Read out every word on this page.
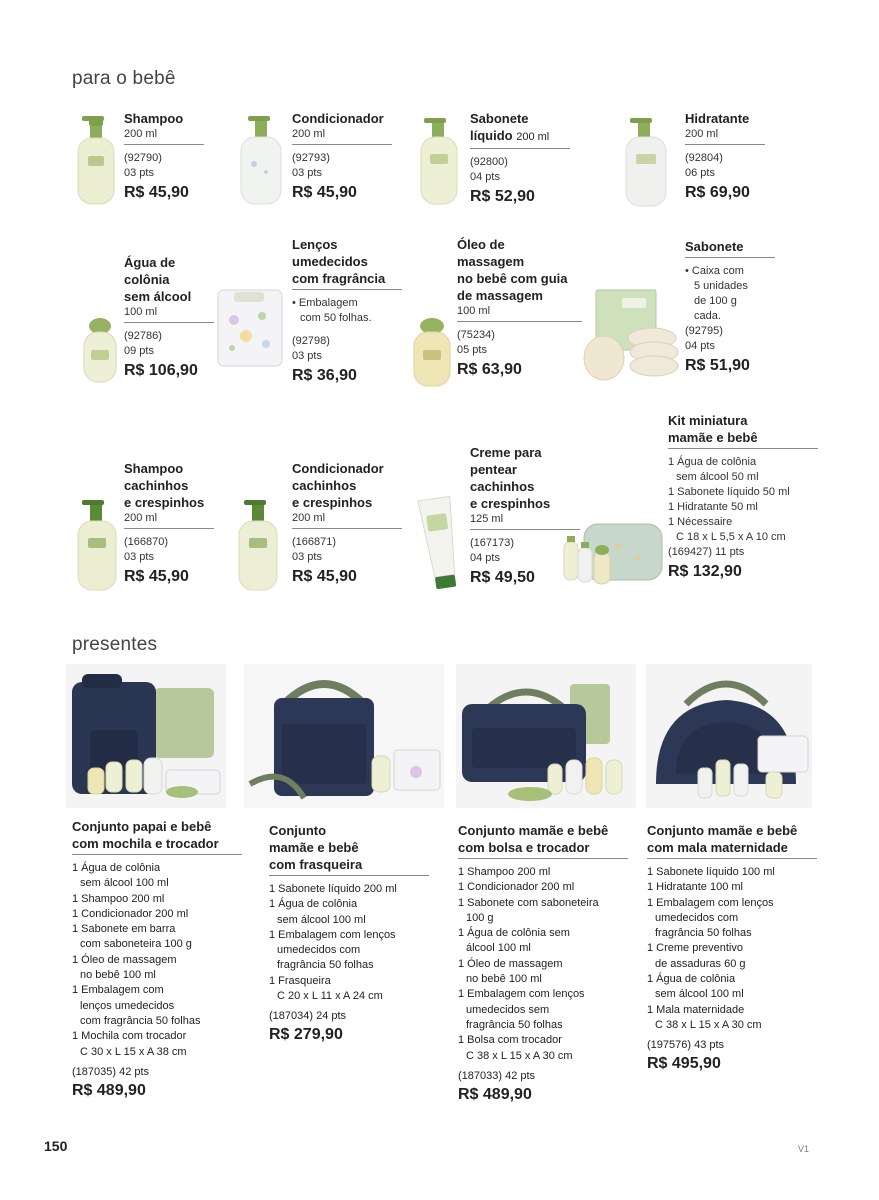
para o bebê
presentes
Shampoo
200 ml
(92790)
03 pts
R$ 45,90
Condicionador
200 ml
(92793)
03 pts
R$ 45,90
Sabonete
líquido 200 ml
(92800)
04 pts
R$ 52,90
Hidratante
200 ml
(92804)
06 pts
R$ 69,90
Água de
colônia
sem álcool
100 ml
(92786)
09 pts
R$ 106,90
Lenços
umedecidos
com fragrância
• Embalagem
com 50 folhas.
(92798)
03 pts
R$ 36,90
Óleo de
massagem
no bebê com guia
de massagem
100 ml
(75234)
05 pts
R$ 63,90
Sabonete
• Caixa com
5 unidades
de 100 g
cada.
(92795)
04 pts
R$ 51,90
Shampoo
cachinhos
e crespinhos
200 ml
(166870)
03 pts
R$ 45,90
Condicionador
cachinhos
e crespinhos
200 ml
(166871)
03 pts
R$ 45,90
Creme para
pentear
cachinhos
e crespinhos
125 ml
(167173)
04 pts
R$ 49,50
Kit miniatura
mamãe e bebê
1 Água de colônia
sem álcool 50 ml
1 Sabonete líquido 50 ml
1 Hidratante 50 ml
1 Nécessaire
C 18 x L 5,5 x A 10 cm
(169427) 11 pts
R$ 132,90
Conjunto papai e bebê
com mochila e trocador
1 Água de colônia
sem álcool 100 ml
1 Shampoo 200 ml
1 Condicionador 200 ml
1 Sabonete em barra
com saboneteira 100 g
1 Óleo de massagem
no bebê 100 ml
1 Embalagem com
lenços umedecidos
com fragrância 50 folhas
1 Mochila com trocador
C 30 x L 15 x A 38 cm
(187035) 42 pts
R$ 489,90
Conjunto
mamãe e bebê
com frasqueira
1 Sabonete líquido 200 ml
1 Água de colônia
sem álcool 100 ml
1 Embalagem com lenços
umedecidos com
fragrância 50 folhas
1 Frasqueira
C 20 x L 11 x A 24 cm
(187034) 24 pts
R$ 279,90
Conjunto mamãe e bebê
com bolsa e trocador
1 Shampoo 200 ml
1 Condicionador 200 ml
1 Sabonete com saboneteira
100 g
1 Água de colônia sem
álcool 100 ml
1 Óleo de massagem
no bebê 100 ml
1 Embalagem com lenços
umedecidos sem
fragrância 50 folhas
1 Bolsa com trocador
C 38 x L 15 x A 30 cm
(187033) 42 pts
R$ 489,90
Conjunto mamãe e bebê
com mala maternidade
1 Sabonete líquido 100 ml
1 Hidratante 100 ml
1 Embalagem com lenços
umedecidos com
fragrância 50 folhas
1 Creme preventivo
de assaduras 60 g
1 Água de colônia
sem álcool 100 ml
1 Mala maternidade
C 38 x L 15 x A 30 cm
(197576) 43 pts
R$ 495,90
150	V1
